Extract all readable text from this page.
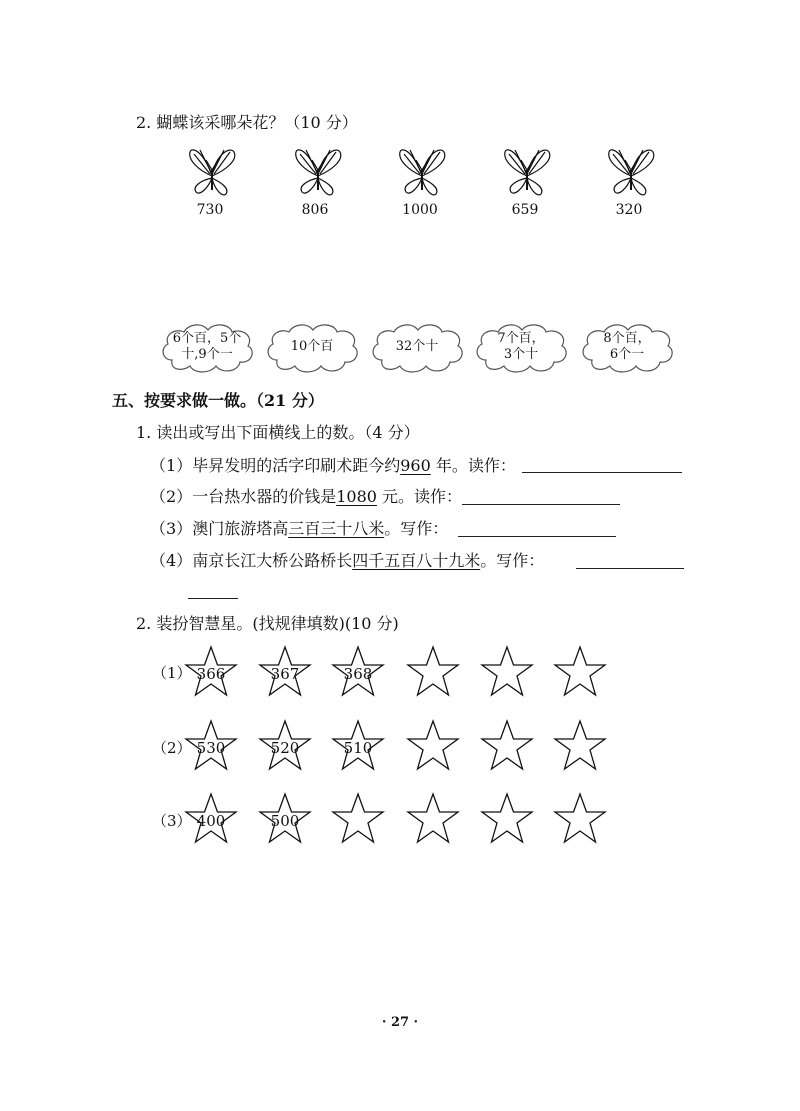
2. 蝴蝶该采哪朵花？（10 分）
730	806	1000	659	320
6个百，5个
十,9个一
10个百	32个十
7个百，
3个十
8个百，
6个一
五、按要求做一做。（21 分）
1. 读出或写出下面横线上的数。（4 分）
（1）毕昇发明的活字印刷术距今约960 年。读作：
（2）一台热水器的价钱是1080 元。读作：
（3）澳门旅游塔高三百三十八米。写作：
（4）南京长江大桥公路桥长四千五百八十九米。写作：
2. 装扮智慧星。(找规律填数)(10 分)
（1） 366	367	368
（2） 530	520	510
（3） 400	500
· 27 ·
